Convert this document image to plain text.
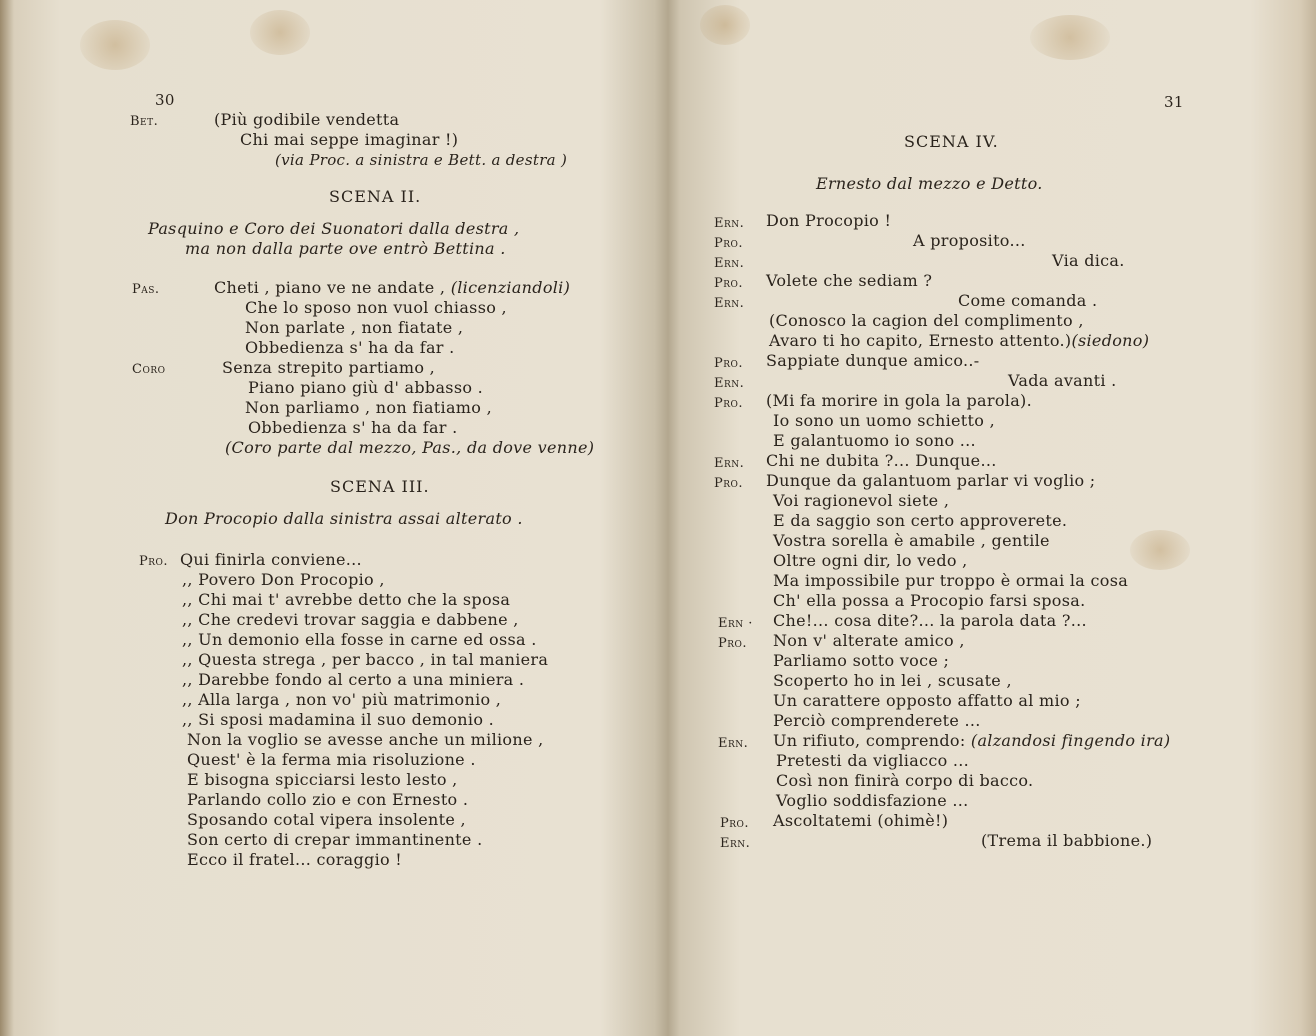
30
Bet.	(Più godibile vendetta
Chi mai seppe imaginar !)
(via Proc. a sinistra e Bett. a destra )
SCENA II.
Pasquino e Coro dei Suonatori dalla destra ,
ma non dalla parte ove entrò Bettina .
Pas.	Cheti , piano ve ne andate , (licenziandoli)
Che lo sposo non vuol chiasso ,
Non parlate , non fiatate ,
Obbedienza s' ha da far .
Coro	Senza strepito partiamo ,
Piano piano giù d' abbasso .
Non parliamo , non fiatiamo ,
Obbedienza s' ha da far .
(Coro parte dal mezzo, Pas., da dove venne)
SCENA III.
Don Procopio dalla sinistra assai alterato .
Pro. Qui finirla conviene...
,, Povero Don Procopio ,
,, Chi mai t' avrebbe detto che la sposa
,, Che credevi trovar saggia e dabbene ,
,, Un demonio ella fosse in carne ed ossa .
,, Questa strega , per bacco , in tal maniera
,, Darebbe fondo al certo a una miniera .
,, Alla larga , non vo' più matrimonio ,
,, Si sposi madamina il suo demonio .
Non la voglio se avesse anche un milione ,
Quest' è la ferma mia risoluzione .
E bisogna spicciarsi lesto lesto ,
Parlando collo zio e con Ernesto .
Sposando cotal vipera insolente ,
Son certo di crepar immantinente .
Ecco il fratel... coraggio !
31
SCENA IV.
Ernesto dal mezzo e Detto.
Ern. Don Procopio !
Pro.	A proposito...
Ern.	Via dica.
Pro. Volete che sediam ?
Ern.	Come comanda .
(Conosco la cagion del complimento ,
Avaro ti ho capito, Ernesto attento.)(siedono)
Pro. Sappiate dunque amico..-
Ern.	Vada avanti .
Pro. (Mi fa morire in gola la parola).
Io sono un uomo schietto ,
E galantuomo io sono ...
Ern. Chi ne dubita ?... Dunque...
Pro. Dunque da galantuom parlar vi voglio ;
Voi ragionevol siete ,
E da saggio son certo approverete.
Vostra sorella è amabile , gentile
Oltre ogni dir, lo vedo ,
Ma impossibile pur troppo è ormai la cosa
Ch' ella possa a Procopio farsi sposa.
Ern · Che!... cosa dite?... la parola data ?...
Pro. Non v' alterate amico ,
Parliamo sotto voce ;
Scoperto ho in lei , scusate ,
Un carattere opposto affatto al mio ;
Perciò comprenderete ...
Ern. Un rifiuto, comprendo: (alzandosi fingendo ira)
Pretesti da vigliacco ...
Così non finirà corpo di bacco.
Voglio soddisfazione ...
Pro. Ascoltatemi (ohimè!)
Ern.	(Trema il babbione.)
